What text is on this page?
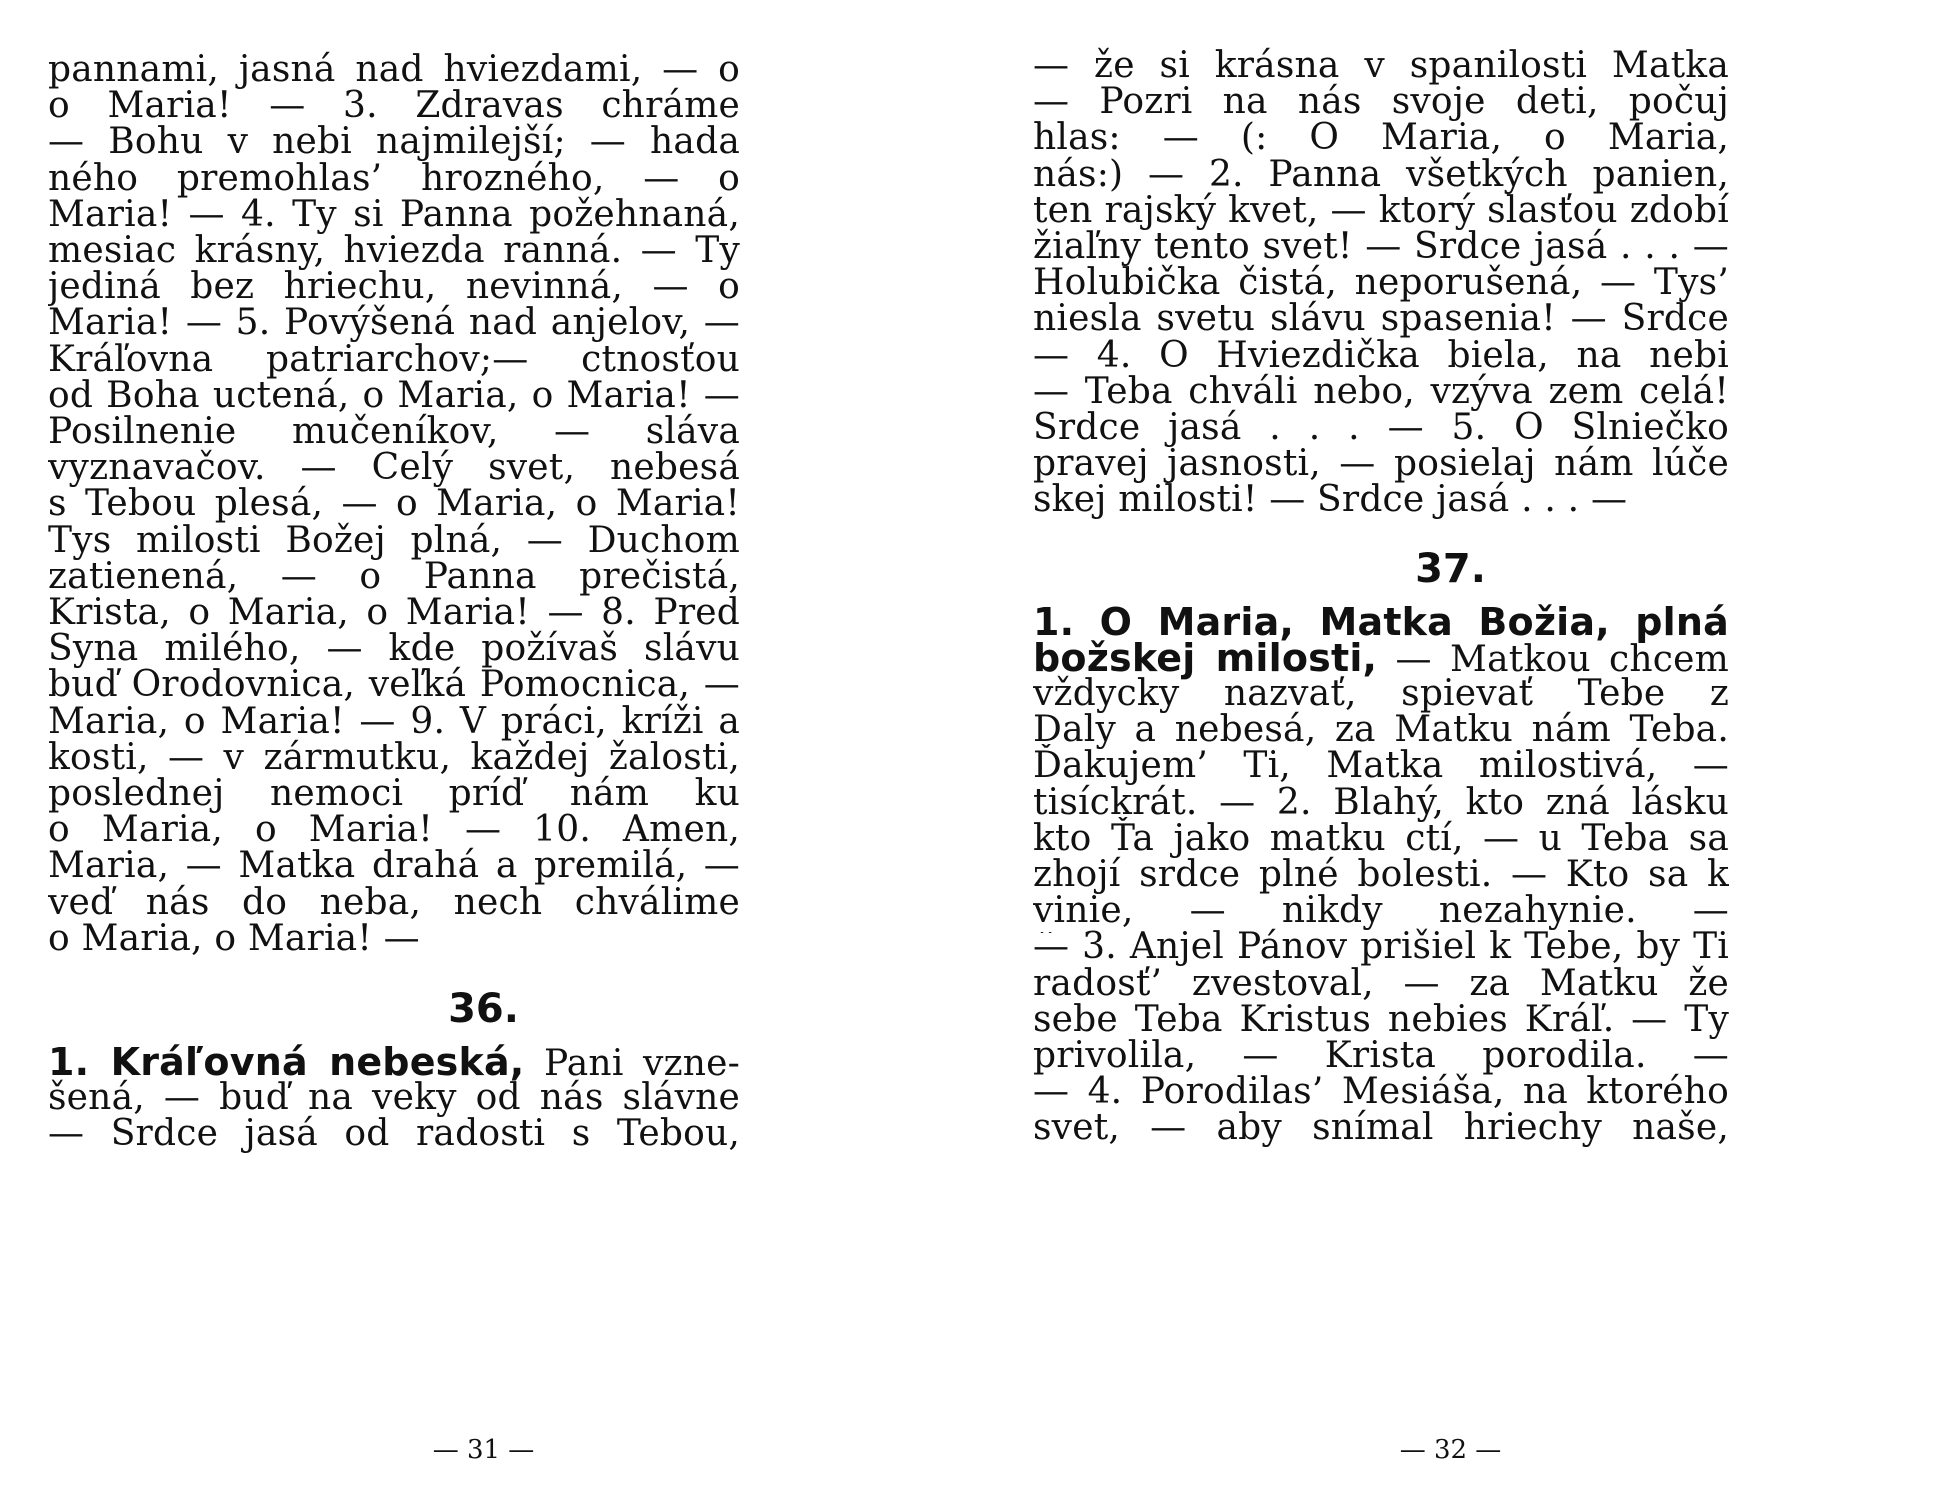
pannami, jasná nad hviezdami, — o
o Maria! — 3. Zdravas chráme
— Bohu v nebi najmilejší; — hada
ného premohlas’ hrozného, — o
Maria! — 4. Ty si Panna požehnaná,
mesiac krásny, hviezda ranná. — Ty
jediná bez hriechu, nevinná, — o
Maria! — 5. Povýšená nad anjelov, —
Kráľovna patriarchov;— ctnosťou
od Boha uctená, o Maria, o Maria! —
Posilnenie mučeníkov, — sláva
vyznavačov. — Celý svet, nebesá
s Tebou plesá, — o Maria, o Maria!
Tys milosti Božej plná, — Duchom
zatienená, — o Panna prečistá,
Krista, o Maria, o Maria! — 8. Pred
Syna milého, — kde požívaš slávu
buď Orodovnica, veľká Pomocnica, —
Maria, o Maria! — 9. V práci, kríži a
kosti, — v zármutku, každej žalosti,
poslednej nemoci príď nám ku
o Maria, o Maria! — 10. Amen,
Maria, — Matka drahá a premilá, —
veď nás do neba, nech chválime
o Maria, o Maria! —
36.
1. Kráľovná nebeská, Pani vzne-
šená, — buď na veky od nás slávne
— Srdce jasá od radosti s Tebou,
— 31 —
— že si krásna v spanilosti Matka
— Pozri na nás svoje deti, počuj
hlas: — (: O Maria, o Maria,
nás:) — 2. Panna všetkých panien,
ten rajský kvet, — ktorý slasťou zdobí
žiaľny tento svet! — Srdce jasá . . . —
Holubička čistá, neporušená, — Tys’
niesla svetu slávu spasenia! — Srdce
— 4. O Hviezdička biela, na nebi
— Teba chváli nebo, vzýva zem celá!
Srdce jasá . . . — 5. O Slniečko
pravej jasnosti, — posielaj nám lúče
skej milosti! — Srdce jasá . . . —
37.
1. O Maria, Matka Božia, plná
božskej milosti, — Matkou chcem
vždycky nazvať, spievať Tebe z
Daly a nebesá, za Matku nám Teba.
Ďakujem’ Ti, Matka milostivá, —
tisíckrát. — 2. Blahý, kto zná lásku
kto Ťa jako matku ctí, — u Teba sa
zhojí srdce plné bolesti. — Kto sa k
vinie, — nikdy nezahynie. —
— 3. Anjel Pánov prišiel k Tebe, by Ti
radosť’ zvestoval, — za Matku že
sebe Teba Kristus nebies Kráľ. — Ty
privolila, — Krista porodila. —
— 4. Porodilas’ Mesiáša, na ktorého
svet, — aby snímal hriechy naše,
— 32 —
